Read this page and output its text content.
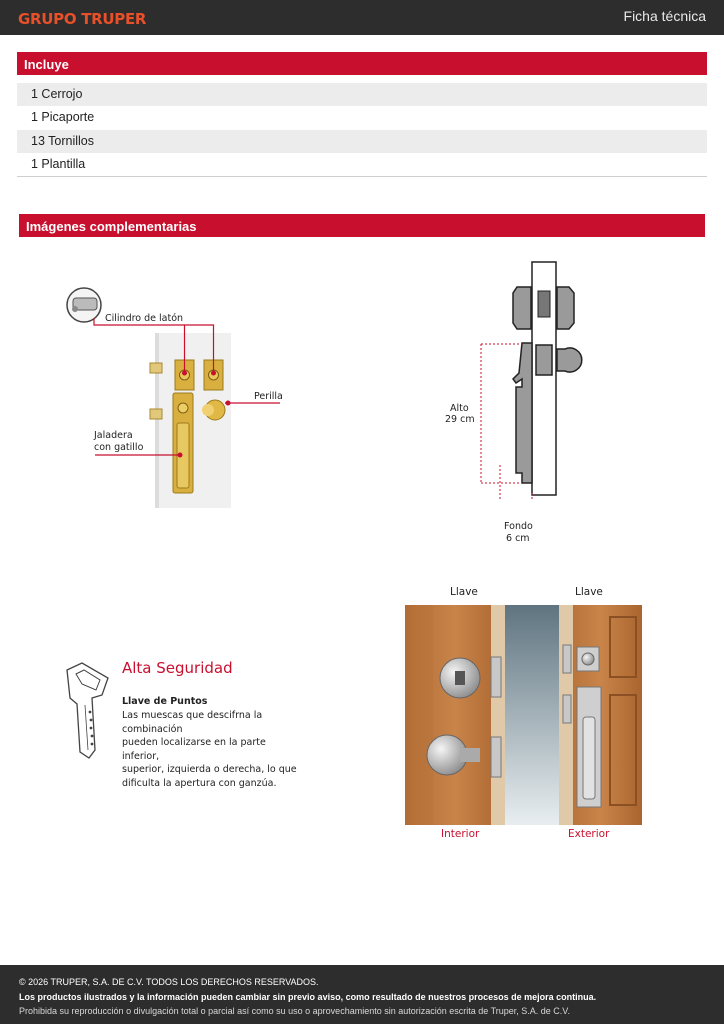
GRUPO TRUPER	Ficha técnica
Incluye
1 Cerrojo
1 Picaporte
13 Tornillos
1 Plantilla
Imágenes complementarias
Cilindro de latón
Perilla
Jaladera
con gatillo
Alto
29 cm
Fondo
6 cm
Alta Seguridad
Llave de Puntos
Las muescas que descifrna la combinación
pueden localizarse en la parte inferior,
superior, izquierda o derecha, lo que
dificulta la apertura con ganzúa.
Llave	Llave
Interior	Exterior
© 2026 TRUPER, S.A. DE C.V. TODOS LOS DERECHOS RESERVADOS.
Los productos ilustrados y la información pueden cambiar sin previo aviso, como resultado de nuestros procesos de mejora continua.
Prohibida su reproducción o divulgación total o parcial así como su uso o aprovechamiento sin autorización escrita de Truper, S.A. de C.V.
